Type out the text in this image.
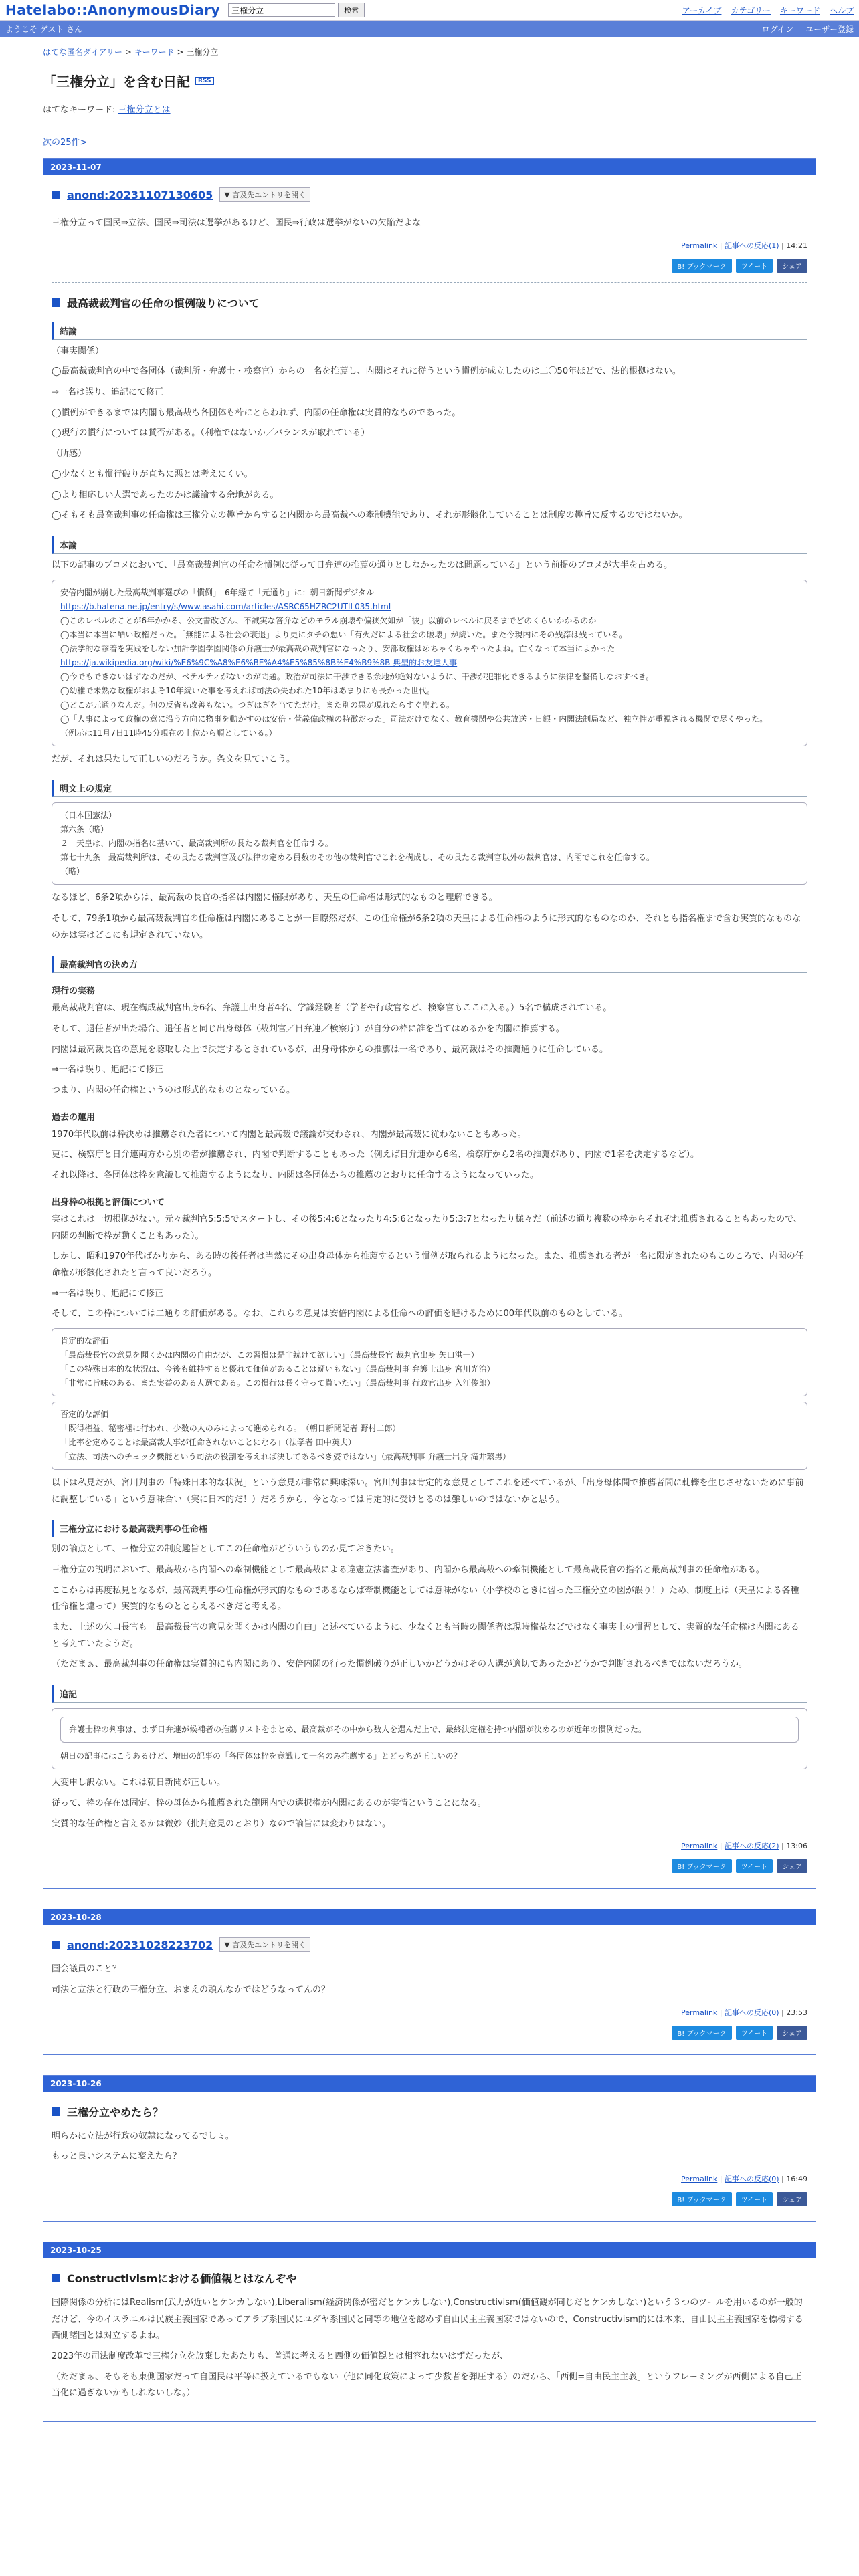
Hatelabo::AnonymousDiary
三権分立	検索	アーカイブ カテゴリー キーワード ヘルプ
ようこそ ゲスト さん	ログイン ユーザー登録
はてな匿名ダイアリー > キーワード > 三権分立
「三権分立」を含む日記	RSS
はてなキーワード: 三権分立とは
次の25件>
2023-11-07
anond:20231107130605	▼ 言及先エントリを開く

三権分立って国民⇒立法、国民⇒司法は選挙があるけど、国民⇒行政は選挙がないの欠陥だよな

Permalink | 記事への反応(1) | 14:21
B! ブックマーク	ツイート	シェア
最高裁裁判官の任命の慣例破りについて
結論

（事実関係）

◯最高裁裁判官の中で各団体（裁判所・弁護士・検察官）からの一名を推薦し、内閣はそれに従うという慣例が成立したのは二〇50年ほどで、法的根拠はない。

⇒一名は誤り、追記にて修正

◯慣例ができるまでは内閣も最高裁も各団体も枠にとらわれず、内閣の任命権は実質的なものであった。

◯現行の慣行については賛否がある。（利権ではないか／バランスが取れている）

（所感）

◯少なくとも慣行破りが直ちに悪とは考えにくい。

◯より相応しい人選であったのかは議論する余地がある。

◯そもそも最高裁判事の任命権は三権分立の趣旨からすると内閣から最高裁への牽制機能であり、それが形骸化していることは制度の趣旨に反するのではないか。

本論

以下の記事のブコメにおいて、「最高裁裁判官の任命を慣例に従って日弁連の推薦の通りとしなかったのは問題っている」という前提のブコメが大半を占める。

安倍内閣が崩した最高裁判事選びの「慣例」　6年経て「元通り」に：朝日新聞デジタル
https://b.hatena.ne.jp/entry/s/www.asahi.com/articles/ASRC65HZRC2UTIL035.html
◯このレベルのことが6年かかる、公文書改ざん、不誠実な答弁などのモラル崩壊や偏狭欠如が「彼」以前のレベルに戻るまでどのくらいかかるのか
◯本当に本当に酷い政権だった。「無能による社会の衰退」より更にタチの悪い「有火だによる社会の破壊」が続いた。また今現内にその残滓は残っている。
◯法学的な謬着を実践をしない加計学園学園関係の弁護士が最高裁の裁判官になったり、安部政権はめちゃくちゃやったよね。亡くなって本当によかった
https://ja.wikipedia.org/wiki/%E6%9C%A8%E6%BE%A4%E5%85%8B%E4%B9%8B 典型的お友達人事
◯今でもできないはずなのだが、ベテルティがないのが問題。政治が司法に干渉できる余地が絶対ないように、干渉が犯罪化できるように法律を整備しなおすべき。
◯幼稚で未熟な政権がおよそ10年続いた事を考えれば司法の失われた10年はあまりにも長かった世代。
◯どこが元通りなんだ。何の反省も改善もない。つぎはぎを当てただけ。また別の悪が現れたらすぐ崩れる。
◯「人事によって政権の意に沿う方向に物事を動かすのは安倍・菅義偉政権の特徴だった」司法だけでなく、教育機関や公共放送・日銀・内閣法制局など、独立性が重視される機関で尽くやった。
（例示は11月7日11時45分現在の上位から順としている。）

だが、それは果たして正しいのだろうか。条文を見ていこう。

明文上の規定
（日本国憲法）
第六条（略）
２　天皇は、内閣の指名に基いて、最高裁判所の長たる裁判官を任命する。
第七十九条　最高裁判所は、その長たる裁判官及び法律の定める員数のその他の裁判官でこれを構成し、その長たる裁判官以外の裁判官は、内閣でこれを任命する。
（略）

なるほど、6条2項からは、最高裁の長官の指名は内閣に権限があり、天皇の任命権は形式的なものと理解できる。

そして、79条1項から最高裁裁判官の任命権は内閣にあることが一目瞭然だが、この任命権が6条2項の天皇による任命権のように形式的なものなのか、それとも指名権まで含む実質的なものなのかは実はどこにも規定されていない。

最高裁判官の決め方
現行の実務

最高裁裁判官は、現在構成裁判官出身6名、弁護士出身者4名、学識経験者（学者や行政官など、検察官もここに入る。）5名で構成されている。

そして、退任者が出た場合、退任者と同じ出身母体（裁判官／日弁連／検察庁）が自分の枠に誰を当てはめるかを内閣に推薦する。

内閣は最高裁長官の意見を聴取した上で決定するとされているが、出身母体からの推薦は一名であり、最高裁はその推薦通りに任命している。

⇒一名は誤り、追記にて修正

つまり、内閣の任命権というのは形式的なものとなっている。

過去の運用

1970年代以前は枠決めは推薦された者について内閣と最高裁で議論が交わされ、内閣が最高裁に従わないこともあった。

更に、検察庁と日弁連両方から別の者が推薦され、内閣で判断することもあった（例えば日弁連から6名、検察庁から2名の推薦があり、内閣で1名を決定するなど）。

それ以降は、各団体は枠を意識して推薦するようになり、内閣は各団体からの推薦のとおりに任命するようになっていった。

出身枠の根拠と評価について

実はこれは一切根拠がない。元々裁判官5:5:5でスタートし、その後5:4:6となったり4:5:6となったり5:3:7となったり様々だ（前述の通り複数の枠からそれぞれ推薦されることもあったので、内閣の判断で枠が動くこともあった）。

しかし、昭和1970年代ばかりから、ある時の後任者は当然にその出身母体から推薦するという慣例が取られるようになった。また、推薦される者が一名に限定されたのもこのころで、内閣の任命権が形骸化されたと言って良いだろう。

⇒一名は誤り、追記にて修正

そして、この枠については二通りの評価がある。なお、これらの意見は安倍内閣による任命への評価を避けるために00年代以前のものとしている。

肯定的な評価
「最高裁長官の意見を聞くかは内閣の自由だが、この習慣は是非続けて欲しい」（最高裁長官 裁判官出身 矢口洪一）
「この特殊日本的な状況は、今後も維持すると優れて価値があることは疑いもない」（最高裁判事 弁護士出身 宮川光治）
「非常に旨味のある、また実益のある人選である。この慣行は長く守って貰いたい」（最高裁判事 行政官出身 入江俊郎）
否定的な評価
「既得権益、秘密裡に行われ、少数の人のみによって進められる。」（朝日新聞記者 野村二郎）
「比率を定めることは最高裁人事が任命されないことになる」（法学者 田中英夫）
「立法、司法へのチェック機能という司法の役割を考えれば決してあるべき姿ではない」（最高裁判事 弁護士出身 滝井繁男）

以下は私見だが、宮川判事の「特殊日本的な状況」という意見が非常に興味深い。宮川判事は肯定的な意見としてこれを述べているが、「出身母体間で推薦者間に軋轢を生じさせないために事前に調整している」という意味合い（実に日本的だ！）だろうから、今となっては肯定的に受けとるのは難しいのではないかと思う。

三権分立における最高裁判事の任命権

別の論点として、三権分立の制度趣旨としてこの任命権がどういうものか見ておきたい。

三権分立の説明において、最高裁から内閣への牽制機能として最高裁による違憲立法審査があり、内閣から最高裁への牽制機能として最高裁長官の指名と最高裁判事の任命権がある。

ここからは再度私見となるが、最高裁判事の任命権が形式的なものであるならば牽制機能としては意味がない（小学校のときに習った三権分立の図が誤り！）ため、制度上は（天皇による各種任命権と違って）実質的なものととらえるべきだと考える。

また、上述の矢口長官も「最高裁長官の意見を聞くかは内閣の自由」と述べているように、少なくとも当時の関係者は現時権益などではなく事実上の慣習として、実質的な任命権は内閣にあると考えていたようだ。

（ただまぁ、最高裁判事の任命権は実質的にも内閣にあり、安倍内閣の行った慣例破りが正しいかどうかはその人選が適切であったかどうかで判断されるべきではないだろうか。

追記
弁護士枠の判事は、まず日弁連が候補者の推薦リストをまとめ、最高裁がその中から数人を選んだ上で、最終決定権を持つ内閣が決めるのが近年の慣例だった。
朝日の記事にはこうあるけど、増田の記事の「各団体は枠を意識して一名のみ推薦する」とどっちが正しいの？

大変申し訳ない。これは朝日新聞が正しい。

従って、枠の存在は固定、枠の母体から推薦された範囲内での選択権が内閣にあるのが実情ということになる。

実質的な任命権と言えるかは微妙（批判意見のとおり）なので論旨には変わりはない。

Permalink | 記事への反応(2) | 13:06
B! ブックマーク	ツイート	シェア
2023-10-28
anond:20231028223702	▼ 言及先エントリを開く

国会議員のこと？

司法と立法と行政の三権分立、おまえの頭んなかではどうなってんの？

Permalink | 記事への反応(0) | 23:53
B! ブックマーク	ツイート	シェア
2023-10-26
三権分立やめたら？

明らかに立法が行政の奴隷になってるでしょ。

もっと良いシステムに変えたら？

Permalink | 記事への反応(0) | 16:49
B! ブックマーク	ツイート	シェア
2023-10-25
Constructivismにおける価値観とはなんぞや

国際関係の分析にはRealism(武力が近いとケンカしない),Liberalism(経済関係が密だとケンカしない),Constructivism(価値観が同じだとケンカしない)という３つのツールを用いるのが一般的だけど、今のイスラエルは民族主義国家であってアラブ系国民にユダヤ系国民と同等の地位を認めず自由民主主義国家ではないので、Constructivism的には本来、自由民主主義国家を標榜する西側諸国とは対立するよね。

2023年の司法制度改革で三権分立を放棄したあたりも、普通に考えると西側の価値観とは相容れないはずだったが、

（ただまぁ、そもそも東側国家だって自国民は平等に扱えているでもない（他に同化政策によって少数者を弾圧する）のだから、「西側=自由民主主義」というフレーミングが西側による自己正当化に過ぎないかもしれないしな。）
